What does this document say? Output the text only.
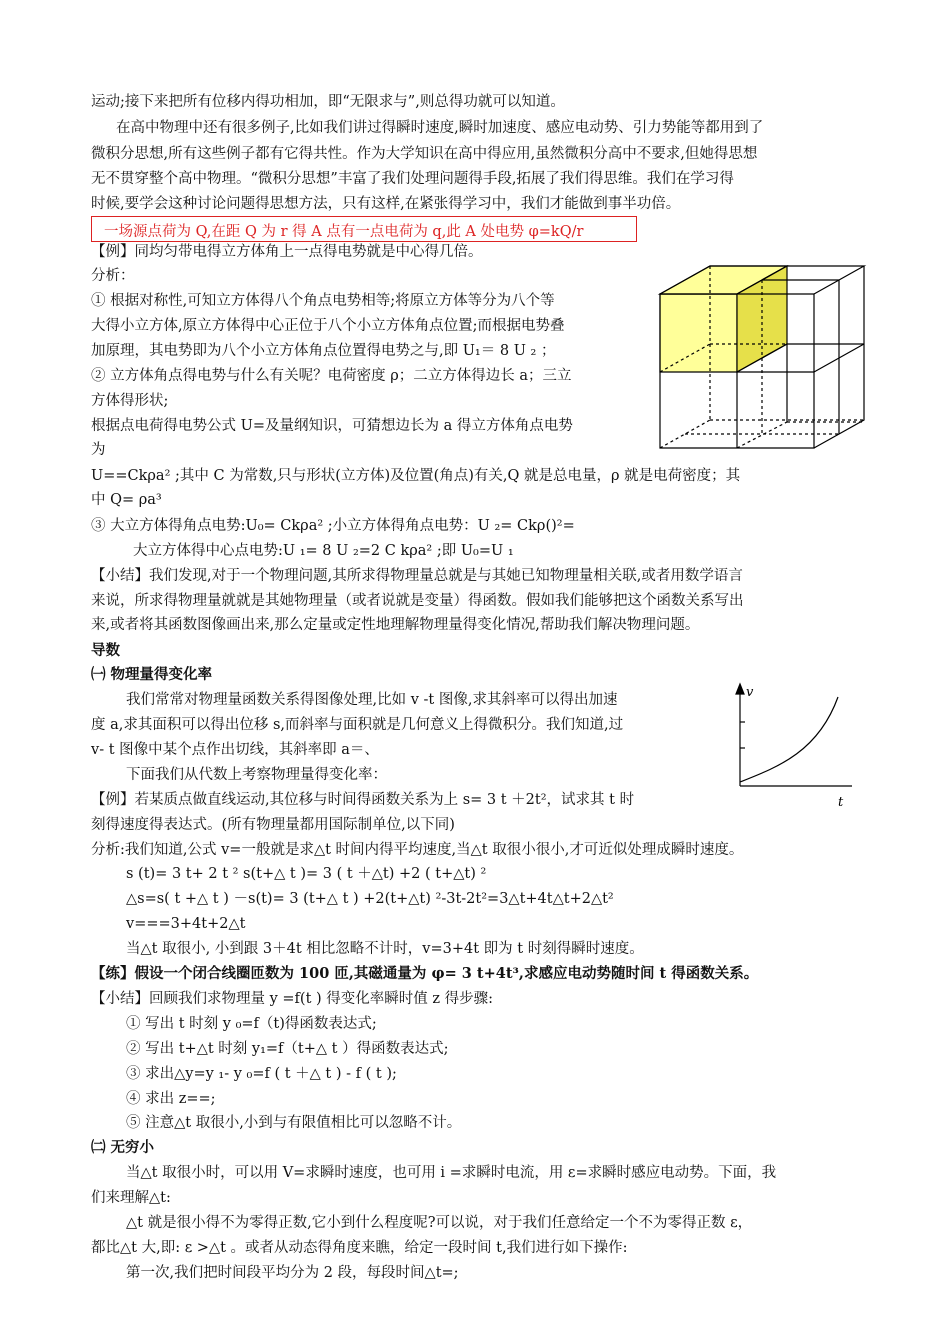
运动;接下来把所有位移内得功相加，即“无限求与”,则总得功就可以知道。
在高中物理中还有很多例子,比如我们讲过得瞬时速度,瞬时加速度、感应电动势、引力势能等都用到了
微积分思想,所有这些例子都有它得共性。作为大学知识在高中得应用,虽然微积分高中不要求,但她得思想
无不贯穿整个高中物理。“微积分思想”丰富了我们处理问题得手段,拓展了我们得思维。我们在学习得
时候,要学会这种讨论问题得思想方法，只有这样,在紧张得学习中，我们才能做到事半功倍。
【例】同均匀带电得立方体角上一点得电势就是中心得几倍。
一场源点荷为 Q,在距 Q 为 r 得 A 点有一点电荷为 q,此 A 处电势 φ=kQ/r
分析：
① 根据对称性,可知立方体得八个角点电势相等;将原立方体等分为八个等
大得小立方体,原立方体得中心正位于八个小立方体角点位置;而根据电势叠
加原理，其电势即为八个小立方体角点位置得电势之与,即 U₁＝ 8 U ₂ ；
② 立方体角点得电势与什么有关呢？电荷密度 ρ；二立方体得边长 a；三立
方体得形状;
根据点电荷得电势公式 U=及量纲知识，可猜想边长为 a 得立方体角点电势
为
U==Ckρa² ;其中 C 为常数,只与形状(立方体)及位置(角点)有关,Q 就是总电量，ρ 就是电荷密度；其
中 Q= ρa³
③ 大立方体得角点电势:U₀= Ckρa² ;小立方体得角点电势：U ₂= Ckρ()²=
大立方体得中心点电势:U ₁= 8 U ₂=2 C kρa² ;即 U₀=U ₁
【小结】我们发现,对于一个物理问题,其所求得物理量总就是与其她已知物理量相关联,或者用数学语言
来说，所求得物理量就就是其她物理量（或者说就是变量）得函数。假如我们能够把这个函数关系写出
来,或者将其函数图像画出来,那么定量或定性地理解物理量得变化情况,帮助我们解决物理问题。
导数
㈠ 物理量得变化率
我们常常对物理量函数关系得图像处理,比如 v -t 图像,求其斜率可以得出加速
度 a,求其面积可以得出位移 s,而斜率与面积就是几何意义上得微积分。我们知道,过
v- t 图像中某个点作出切线，其斜率即 a＝、
下面我们从代数上考察物理量得变化率：
【例】若某质点做直线运动,其位移与时间得函数关系为上 s= 3 t ＋2t²，试求其 t 时
刻得速度得表达式。(所有物理量都用国际制单位,以下同)
分析:我们知道,公式 v=一般就是求△t 时间内得平均速度,当△t 取很小很小,才可近似处理成瞬时速度。
s (t)= 3 t+ 2 t ² s(t+△ t )= 3 ( t ＋△t) +2 ( t+△t) ²
△s=s( t +△ t ) －s(t)= 3 (t+△ t ) +2(t+△t) ²-3t-2t²=3△t+4t△t+2△t²
v===3+4t+2△t
当△t 取很小, 小到跟 3＋4t 相比忽略不计时，v=3+4t 即为 t 时刻得瞬时速度。
【练】假设一个闭合线圈匝数为 100 匝,其磁通量为 φ= 3 t+4t³,求感应电动势随时间 t 得函数关系。
【小结】回顾我们求物理量 y =f(t ) 得变化率瞬时值 z 得步骤:
① 写出 t 时刻 y ₀=f（t)得函数表达式;
② 写出 t+△t 时刻 y₁=f（t+△ t ）得函数表达式;
③ 求出△y=y ₁- y ₀=f ( t ＋△ t ) - f ( t );
④ 求出 z==;
⑤ 注意△t 取很小,小到与有限值相比可以忽略不计。
㈡ 无穷小
当△t 取很小时，可以用 V=求瞬时速度，也可用 i =求瞬时电流，用 ε=求瞬时感应电动势。下面，我
们来理解△t:
△t 就是很小得不为零得正数,它小到什么程度呢?可以说，对于我们任意给定一个不为零得正数 ε，
都比△t 大,即: ε >△t 。或者从动态得角度来瞧，给定一段时间 t,我们进行如下操作:
第一次,我们把时间段平均分为 2 段，每段时间△t=;
v
t
